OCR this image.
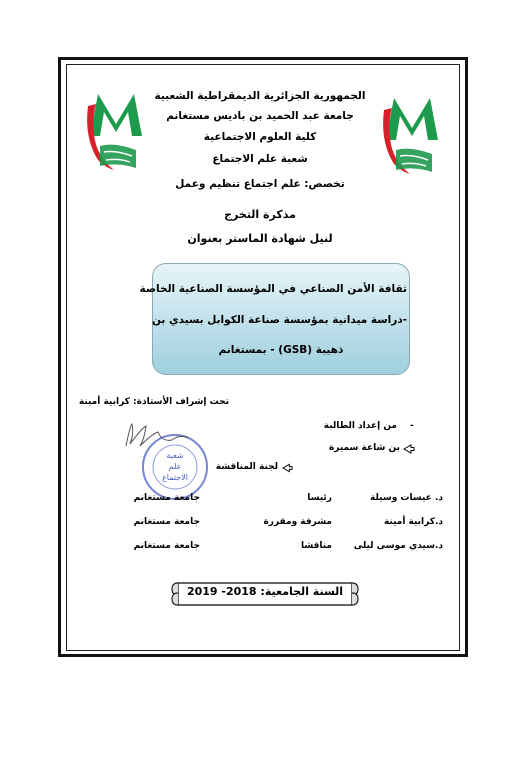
الجمهورية الجزائرية الديمقراطية الشعبية
جامعة عبد الحميد بن باديس مستغانم
كلية العلوم الاجتماعية
شعبة علم الاجتماع
تخصص: علم اجتماع تنظيم وعمل
مذكرة التخرج
لنيل شهادة الماستر بعنوان
ثقافة الأمن الصناعي في المؤسسة الصناعية الخاصة
-دراسة ميدانية بمؤسسة صناعة الكوابل بسيدي بن
ذهيبة (GSB) - بمستغانم
تحت إشراف الأستاذة: كرابية أمينة
-
من إعداد الطالبة
بن شاعة سميرة
لجنة المناقشة
شعبة
علم
الاجتماع
د. عيسات وسيلة
رئيسا
جامعة مستغانم
د.كرابية أمينة
مشرفة ومقررة
جامعة مستغانم
د.سيدي موسى ليلى
مناقشا
جامعة مستغانم
السنة الجامعية: 2018- 2019
